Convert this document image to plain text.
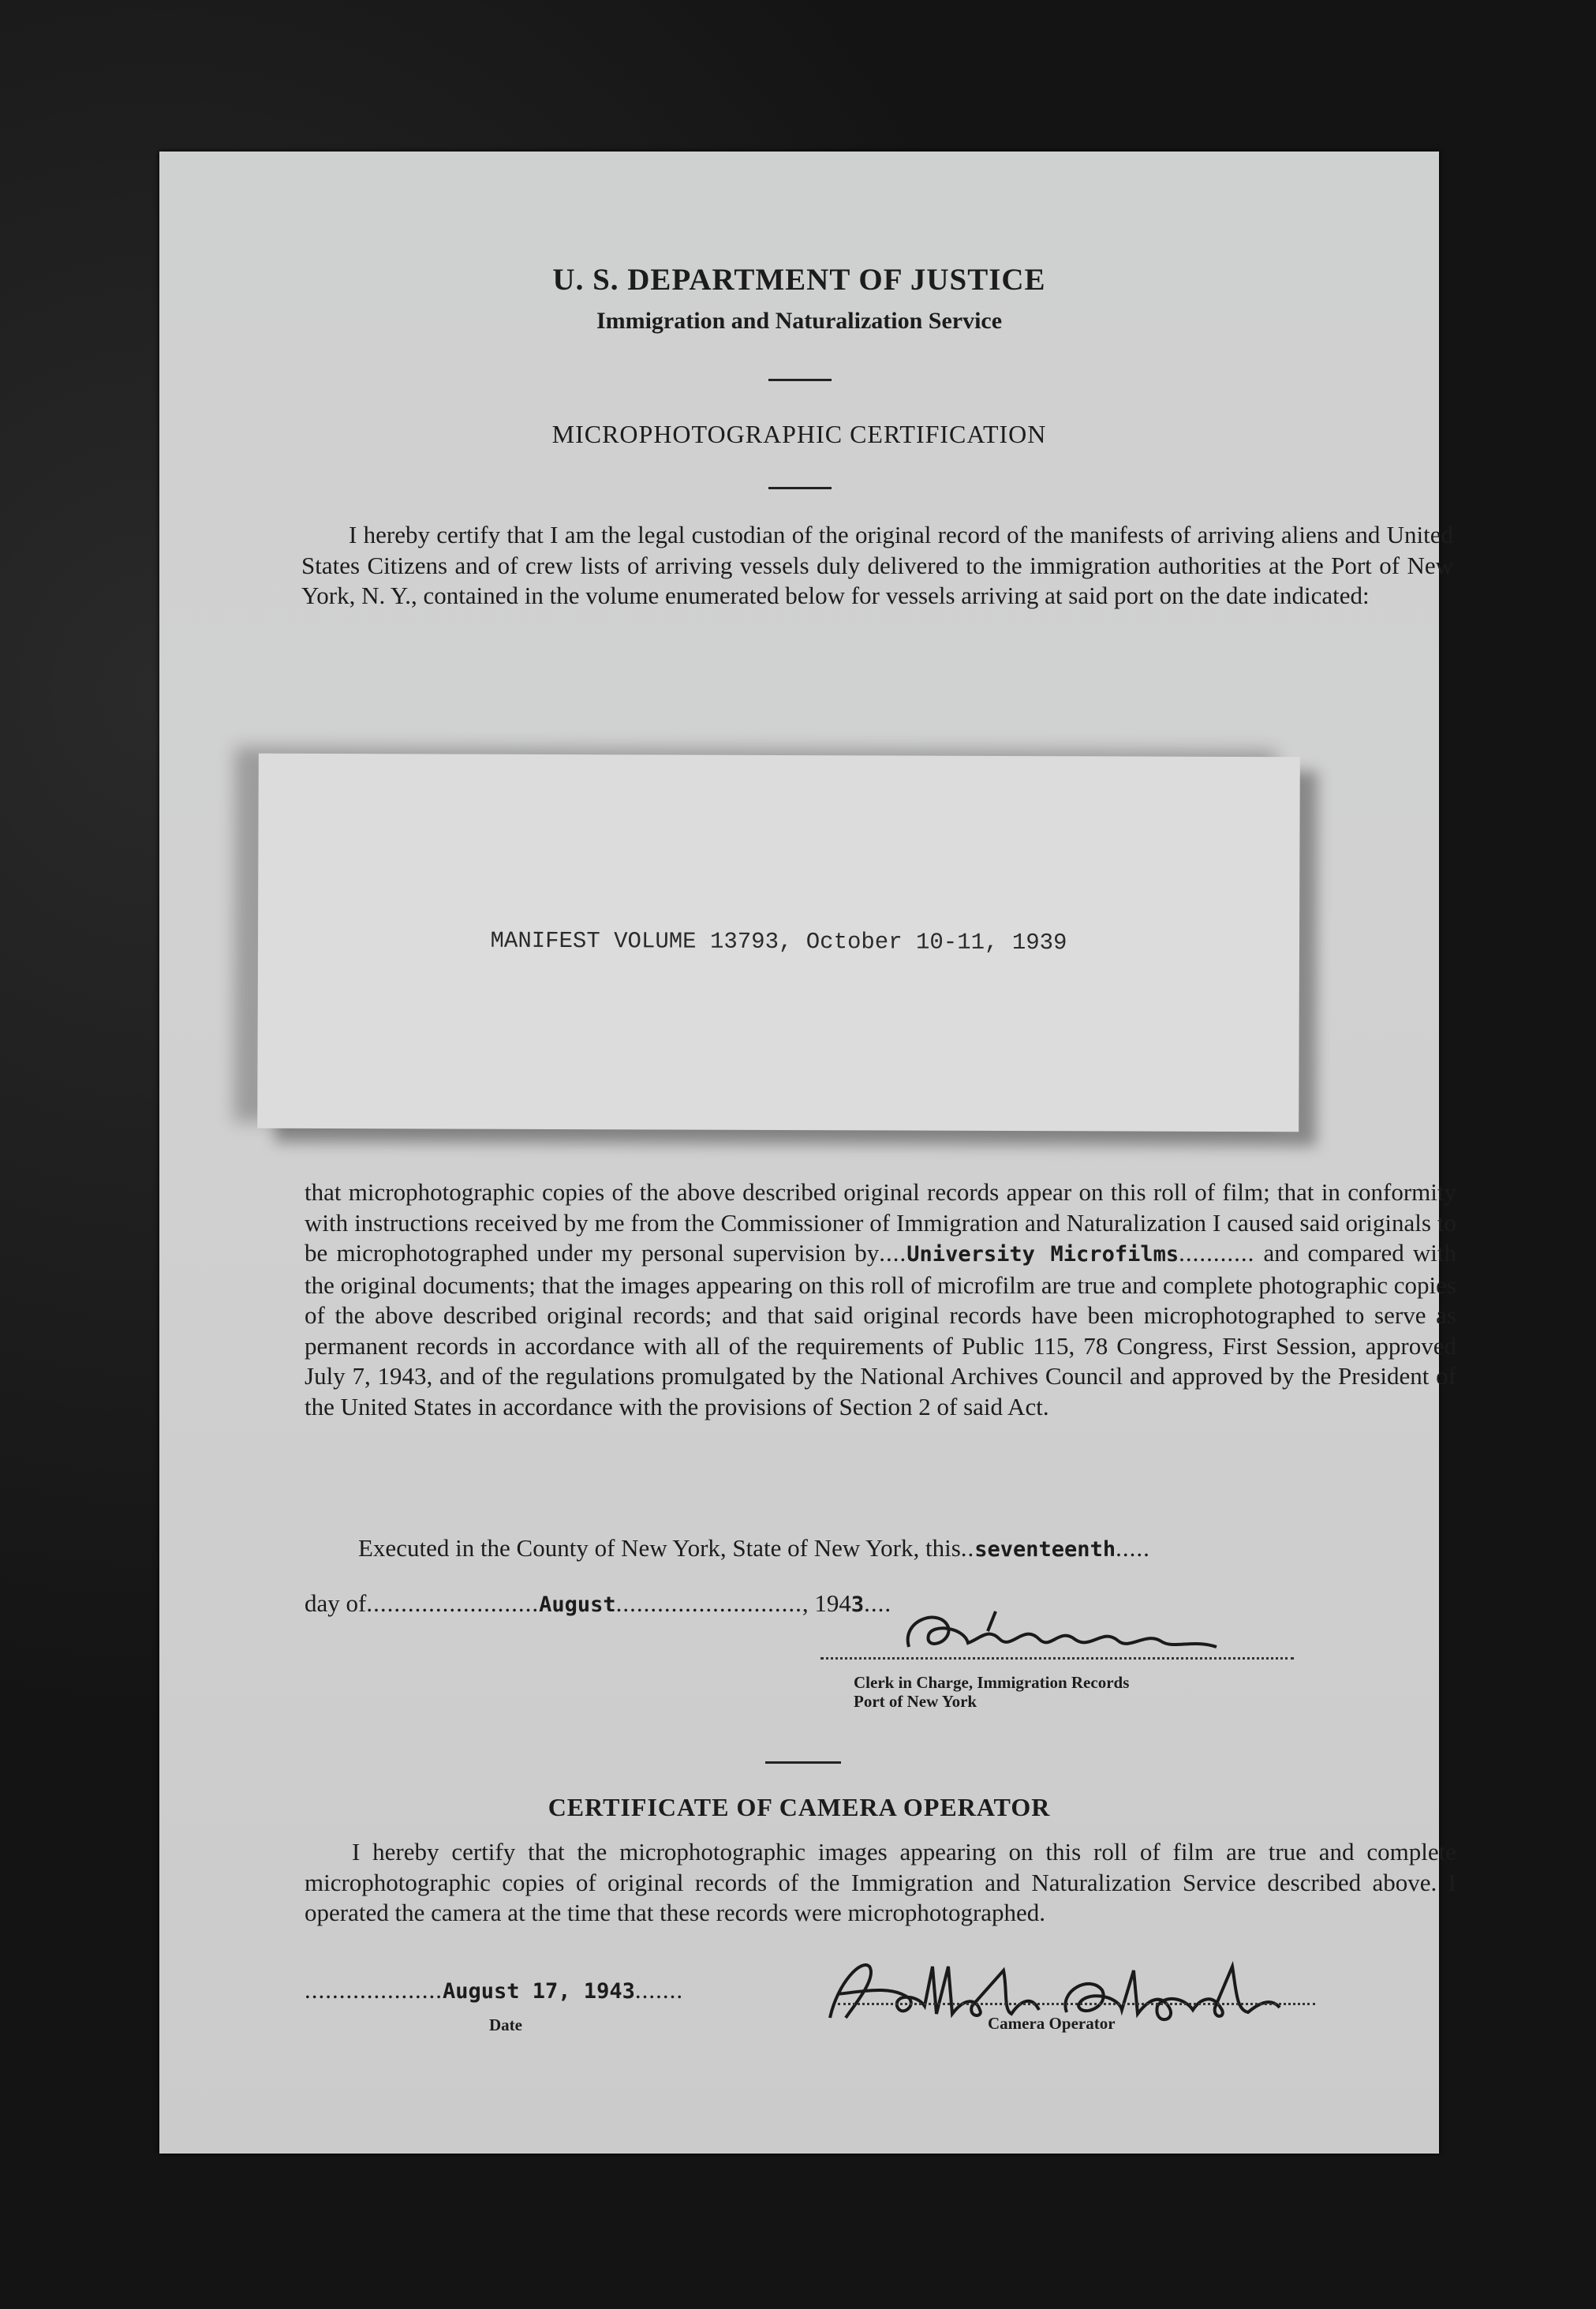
U. S. DEPARTMENT OF JUSTICE
Immigration and Naturalization Service
MICROPHOTOGRAPHIC CERTIFICATION
I hereby certify that I am the legal custodian of the original record of the manifests of arriving aliens and United States Citizens and of crew lists of arriving vessels duly delivered to the immigration authorities at the Port of New York, N. Y., contained in the volume enumerated below for vessels arriving at said port on the date indicated:
MANIFEST VOLUME 13793, October 10-11, 1939
that microphotographic copies of the above described original records appear on this roll of film; that in conformity with instructions received by me from the Commissioner of Immigration and Naturalization I caused said originals to be microphotographed under my personal supervision by....University Microfilms........... and compared with the original documents; that the images appearing on this roll of microfilm are true and complete photographic copies of the above described original records; and that said original records have been microphotographed to serve as permanent records in accordance with all of the requirements of Public 115, 78 Congress, First Session, approved July 7, 1943, and of the regulations promulgated by the National Archives Council and approved by the President of the United States in accordance with the provisions of Section 2 of said Act.
Executed in the County of New York, State of New York, this..seventeenth.....
day of.........................August..........................., 1943....
Clerk in Charge, Immigration Records
Port of New York
CERTIFICATE OF CAMERA OPERATOR
I hereby certify that the microphotographic images appearing on this roll of film are true and complete microphotographic copies of original records of the Immigration and Naturalization Service described above. I operated the camera at the time that these records were microphotographed.
....................August 17, 1943.......
Date	Camera Operator
